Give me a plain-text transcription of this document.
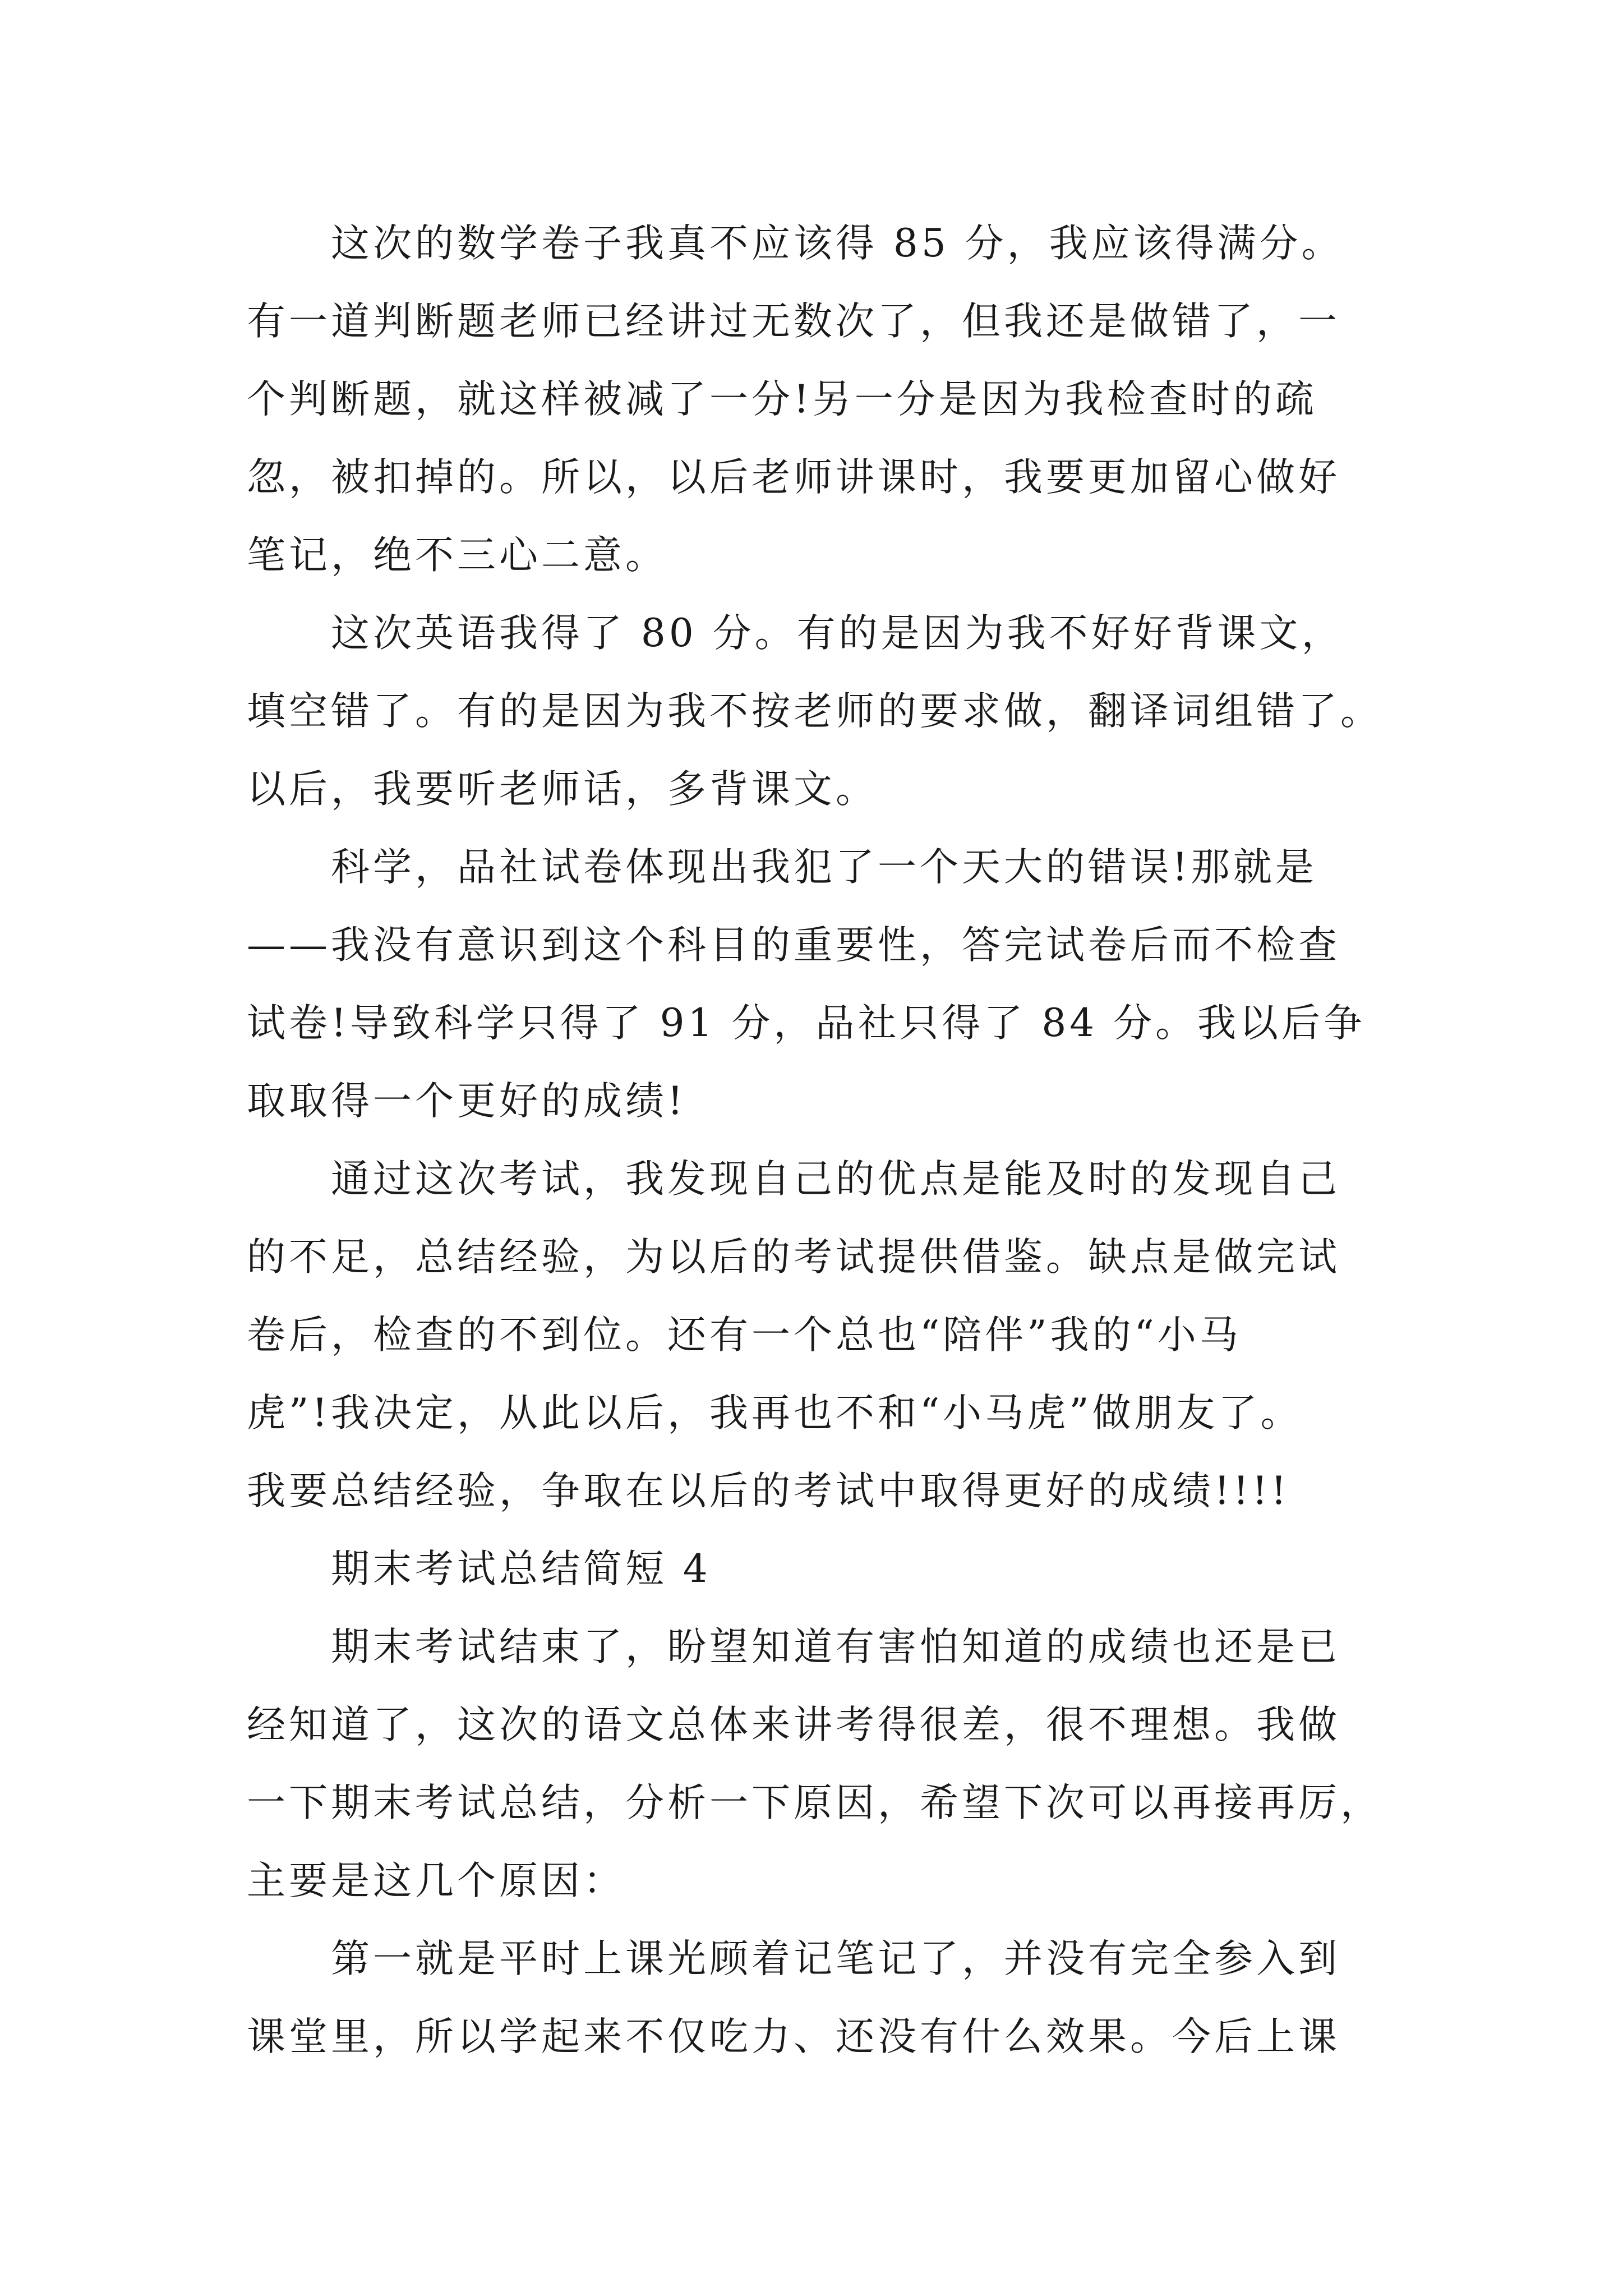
这次的数学卷子我真不应该得 85 分，我应该得满分。
有一道判断题老师已经讲过无数次了，但我还是做错了，一
个判断题，就这样被减了一分!另一分是因为我检查时的疏
忽，被扣掉的。所以，以后老师讲课时，我要更加留心做好
笔记，绝不三心二意。

这次英语我得了 80 分。有的是因为我不好好背课文，
填空错了。有的是因为我不按老师的要求做，翻译词组错了。
以后，我要听老师话，多背课文。

科学，品社试卷体现出我犯了一个天大的错误!那就是
——我没有意识到这个科目的重要性，答完试卷后而不检查
试卷!导致科学只得了 91 分，品社只得了 84 分。我以后争
取取得一个更好的成绩!

通过这次考试，我发现自己的优点是能及时的发现自己
的不足，总结经验，为以后的考试提供借鉴。缺点是做完试
卷后，检查的不到位。还有一个总也“陪伴”我的“小马
虎”!我决定，从此以后，我再也不和“小马虎”做朋友了。
我要总结经验，争取在以后的考试中取得更好的成绩!!!!

期末考试总结简短 4

期末考试结束了，盼望知道有害怕知道的成绩也还是已
经知道了，这次的语文总体来讲考得很差，很不理想。我做
一下期末考试总结，分析一下原因，希望下次可以再接再厉，
主要是这几个原因：

第一就是平时上课光顾着记笔记了，并没有完全参入到
课堂里，所以学起来不仅吃力、还没有什么效果。今后上课
